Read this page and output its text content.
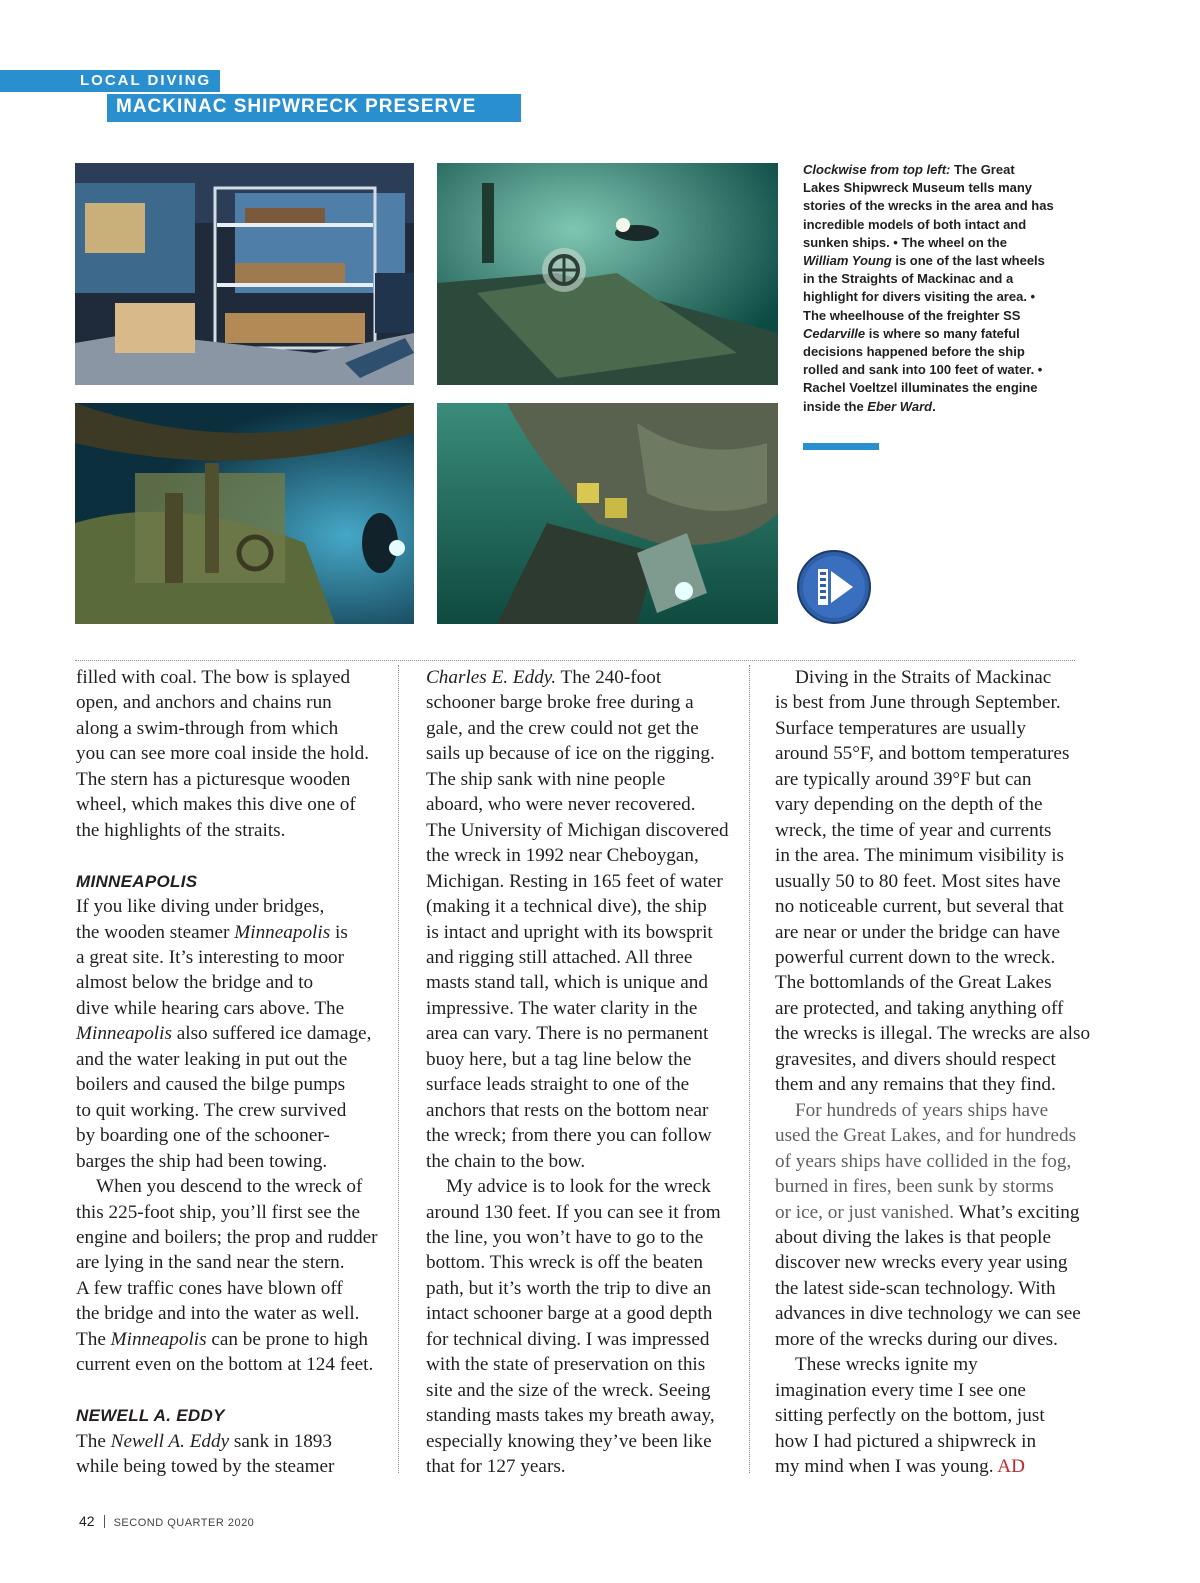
LOCAL DIVING
MACKINAC SHIPWRECK PRESERVE
Clockwise from top left: The Great Lakes Shipwreck Museum tells many stories of the wrecks in the area and has incredible models of both intact and sunken ships. • The wheel on the William Young is one of the last wheels in the Straights of Mackinac and a highlight for divers visiting the area. • The wheelhouse of the freighter SS Cedarville is where so many fateful decisions happened before the ship rolled and sank into 100 feet of water. • Rachel Voeltzel illuminates the engine inside the Eber Ward.

filled with coal. The bow is splayed
open, and anchors and chains run
along a swim-through from which
you can see more coal inside the hold.
The stern has a picturesque wooden
wheel, which makes this dive one of
the highlights of the straits.

MINNEAPOLIS

If you like diving under bridges,
the wooden steamer Minneapolis is
a great site. It’s interesting to moor
almost below the bridge and to
dive while hearing cars above. The
Minneapolis also suffered ice damage,
and the water leaking in put out the
boilers and caused the bilge pumps
to quit working. The crew survived
by boarding one of the schooner-
barges the ship had been towing.

When you descend to the wreck of
this 225-foot ship, you’ll first see the
engine and boilers; the prop and rudder
are lying in the sand near the stern.
A few traffic cones have blown off
the bridge and into the water as well.
The Minneapolis can be prone to high
current even on the bottom at 124 feet.

NEWELL A. EDDY

The Newell A. Eddy sank in 1893
while being towed by the steamer

Charles E. Eddy. The 240-foot
schooner barge broke free during a
gale, and the crew could not get the
sails up because of ice on the rigging.
The ship sank with nine people
aboard, who were never recovered.
The University of Michigan discovered
the wreck in 1992 near Cheboygan,
Michigan. Resting in 165 feet of water
(making it a technical dive), the ship
is intact and upright with its bowsprit
and rigging still attached. All three
masts stand tall, which is unique and
impressive. The water clarity in the
area can vary. There is no permanent
buoy here, but a tag line below the
surface leads straight to one of the
anchors that rests on the bottom near
the wreck; from there you can follow
the chain to the bow.

My advice is to look for the wreck
around 130 feet. If you can see it from
the line, you won’t have to go to the
bottom. This wreck is off the beaten
path, but it’s worth the trip to dive an
intact schooner barge at a good depth
for technical diving. I was impressed
with the state of preservation on this
site and the size of the wreck. Seeing
standing masts takes my breath away,
especially knowing they’ve been like
that for 127 years.

Diving in the Straits of Mackinac
is best from June through September.
Surface temperatures are usually
around 55°F, and bottom temperatures
are typically around 39°F but can
vary depending on the depth of the
wreck, the time of year and currents
in the area. The minimum visibility is
usually 50 to 80 feet. Most sites have
no noticeable current, but several that
are near or under the bridge can have
powerful current down to the wreck.
The bottomlands of the Great Lakes
are protected, and taking anything off
the wrecks is illegal. The wrecks are also
gravesites, and divers should respect
them and any remains that they find.

For hundreds of years ships have
used the Great Lakes, and for hundreds
of years ships have collided in the fog,
burned in fires, been sunk by storms
or ice, or just vanished. What’s exciting
about diving the lakes is that people
discover new wrecks every year using
the latest side-scan technology. With
advances in dive technology we can see
more of the wrecks during our dives.

These wrecks ignite my
imagination every time I see one
sitting perfectly on the bottom, just
how I had pictured a shipwreck in
my mind when I was young. AD

42 SECOND QUARTER 2020
